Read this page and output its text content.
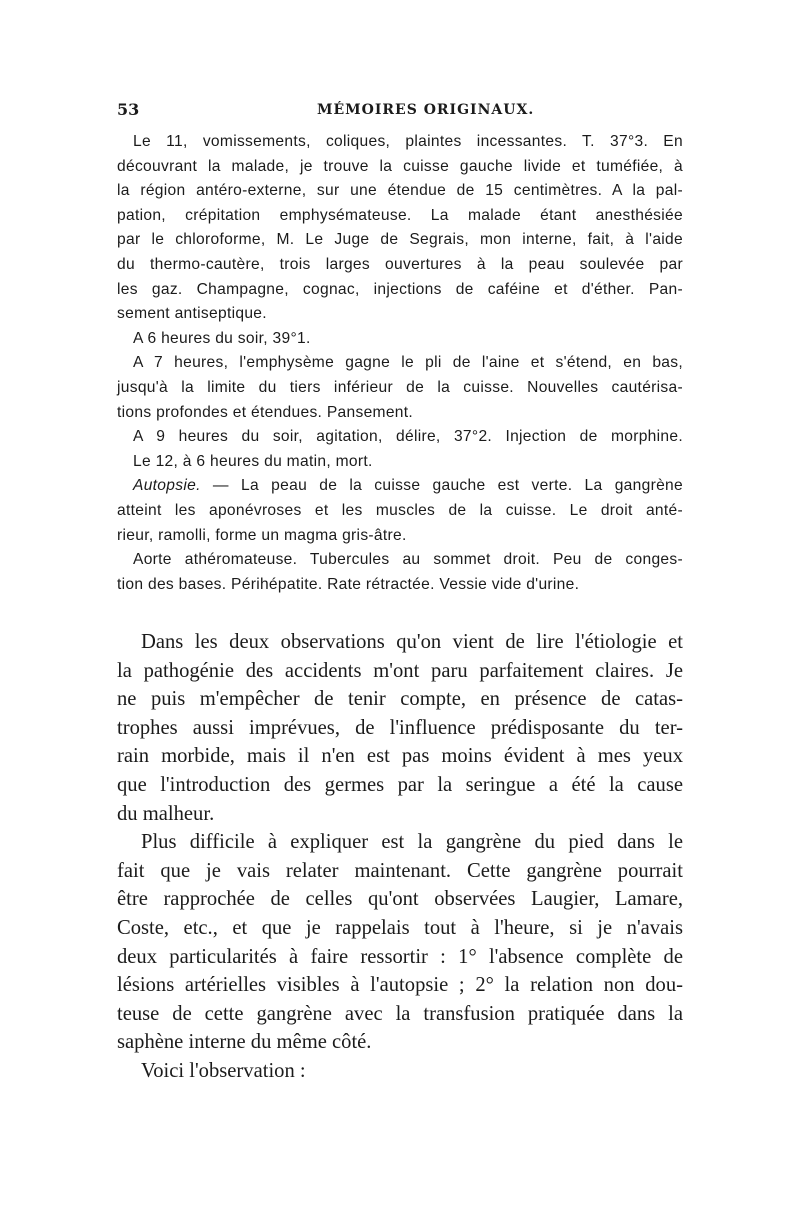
53	MÉMOIRES ORIGINAUX.
Le 11, vomissements, coliques, plaintes incessantes. T. 37°3. En
découvrant la malade, je trouve la cuisse gauche livide et tuméfiée, à
la région antéro-externe, sur une étendue de 15 centimètres. A la pal-
pation, crépitation emphysémateuse. La malade étant anesthésiée
par le chloroforme, M. Le Juge de Segrais, mon interne, fait, à l'aide
du thermo-cautère, trois larges ouvertures à la peau soulevée par
les gaz. Champagne, cognac, injections de caféine et d'éther. Pan-
sement antiseptique.
A 6 heures du soir, 39°1.
A 7 heures, l'emphysème gagne le pli de l'aine et s'étend, en bas,
jusqu'à la limite du tiers inférieur de la cuisse. Nouvelles cautérisa-
tions profondes et étendues. Pansement.
A 9 heures du soir, agitation, délire, 37°2. Injection de morphine.
Le 12, à 6 heures du matin, mort.
Autopsie. — La peau de la cuisse gauche est verte. La gangrène
atteint les aponévroses et les muscles de la cuisse. Le droit anté-
rieur, ramolli, forme un magma gris-âtre.
Aorte athéromateuse. Tubercules au sommet droit. Peu de conges-
tion des bases. Périhépatite. Rate rétractée. Vessie vide d'urine.
Dans les deux observations qu'on vient de lire l'étiologie et
la pathogénie des accidents m'ont paru parfaitement claires. Je
ne puis m'empêcher de tenir compte, en présence de catas-
trophes aussi imprévues, de l'influence prédisposante du ter-
rain morbide, mais il n'en est pas moins évident à mes yeux
que l'introduction des germes par la seringue a été la cause
du malheur.
Plus difficile à expliquer est la gangrène du pied dans le
fait que je vais relater maintenant. Cette gangrène pourrait
être rapprochée de celles qu'ont observées Laugier, Lamare,
Coste, etc., et que je rappelais tout à l'heure, si je n'avais
deux particularités à faire ressortir : 1° l'absence complète de
lésions artérielles visibles à l'autopsie ; 2° la relation non dou-
teuse de cette gangrène avec la transfusion pratiquée dans la
saphène interne du même côté.
Voici l'observation :
